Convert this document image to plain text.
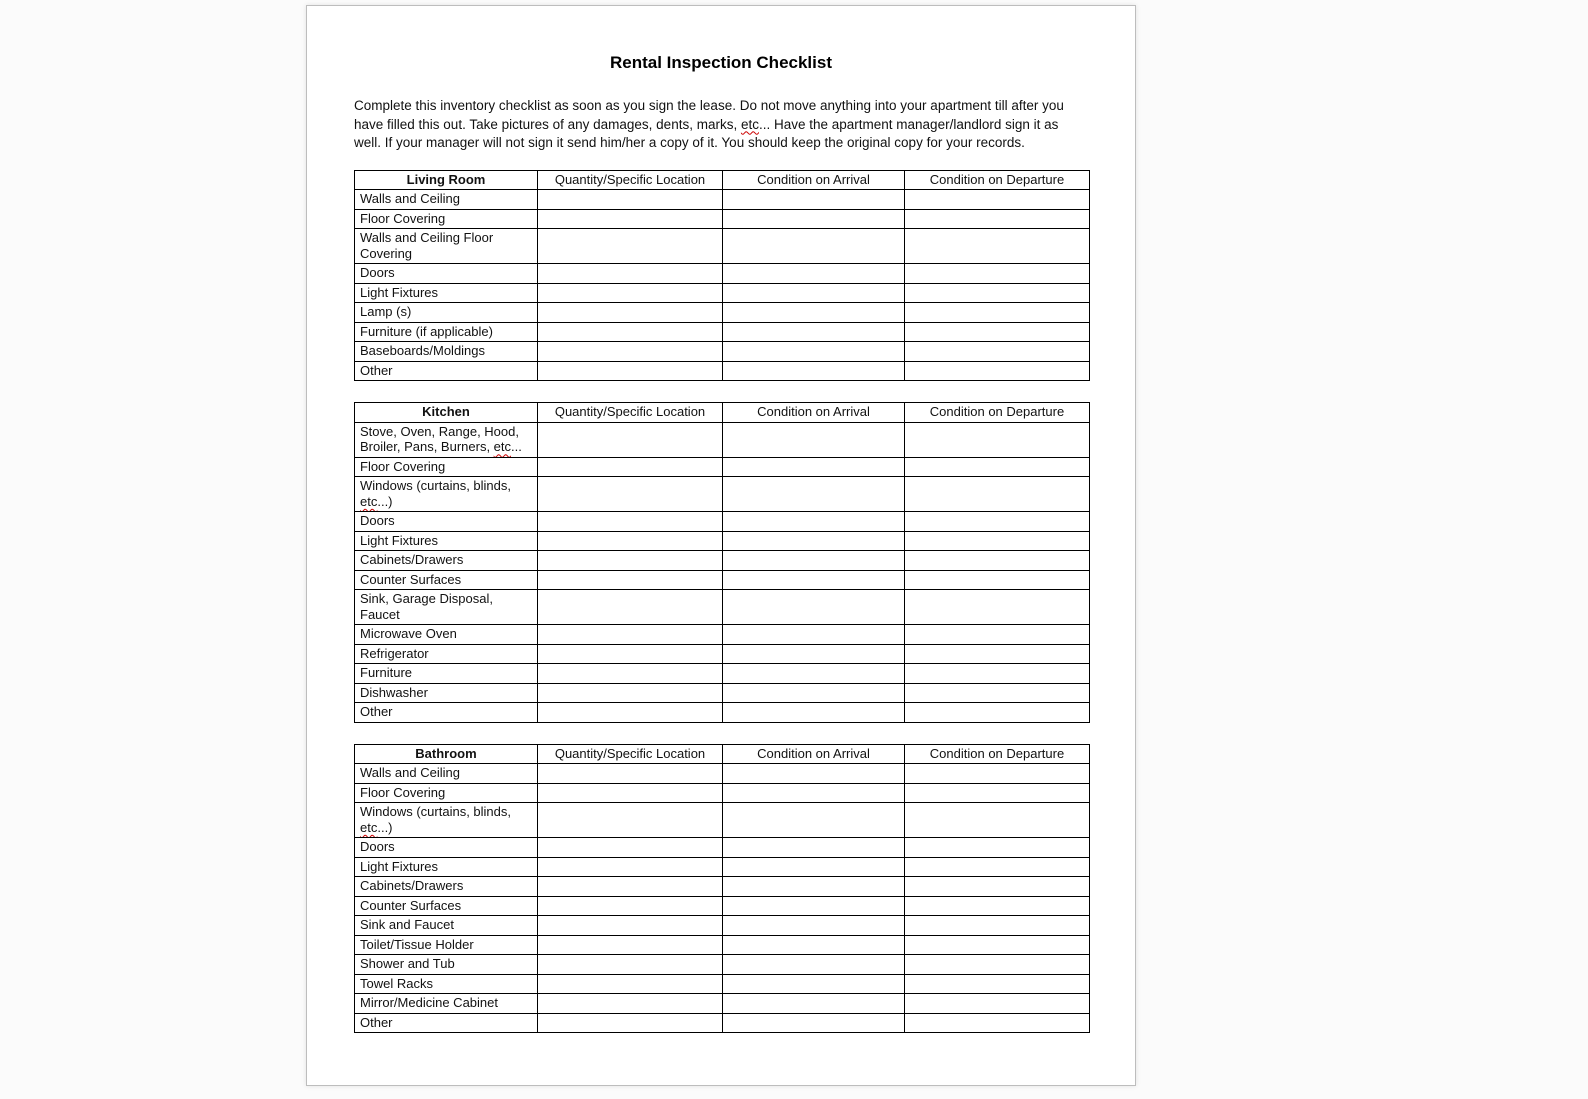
Rental Inspection Checklist

Complete this inventory checklist as soon as you sign the lease. Do not move anything into your apartment till after you have filled this out. Take pictures of any damages, dents, marks, etc... Have the apartment manager/landlord sign it as well. If your manager will not sign it send him/her a copy of it. You should keep the original copy for your records.

Living Room	Quantity/Specific Location	Condition on Arrival	Condition on Departure
Walls and Ceiling			
Floor Covering			
Walls and Ceiling Floor Covering			
Doors			
Light Fixtures			
Lamp (s)			
Furniture (if applicable)			
Baseboards/Moldings			
Other			
Kitchen	Quantity/Specific Location	Condition on Arrival	Condition on Departure
Stove, Oven, Range, Hood, Broiler, Pans, Burners, etc...			
Floor Covering			
Windows (curtains, blinds, etc...)			
Doors			
Light Fixtures			
Cabinets/Drawers			
Counter Surfaces			
Sink, Garage Disposal, Faucet			
Microwave Oven			
Refrigerator			
Furniture			
Dishwasher			
Other			
Bathroom	Quantity/Specific Location	Condition on Arrival	Condition on Departure
Walls and Ceiling			
Floor Covering			
Windows (curtains, blinds, etc...)			
Doors			
Light Fixtures			
Cabinets/Drawers			
Counter Surfaces			
Sink and Faucet			
Toilet/Tissue Holder			
Shower and Tub			
Towel Racks			
Mirror/Medicine Cabinet			
Other			
